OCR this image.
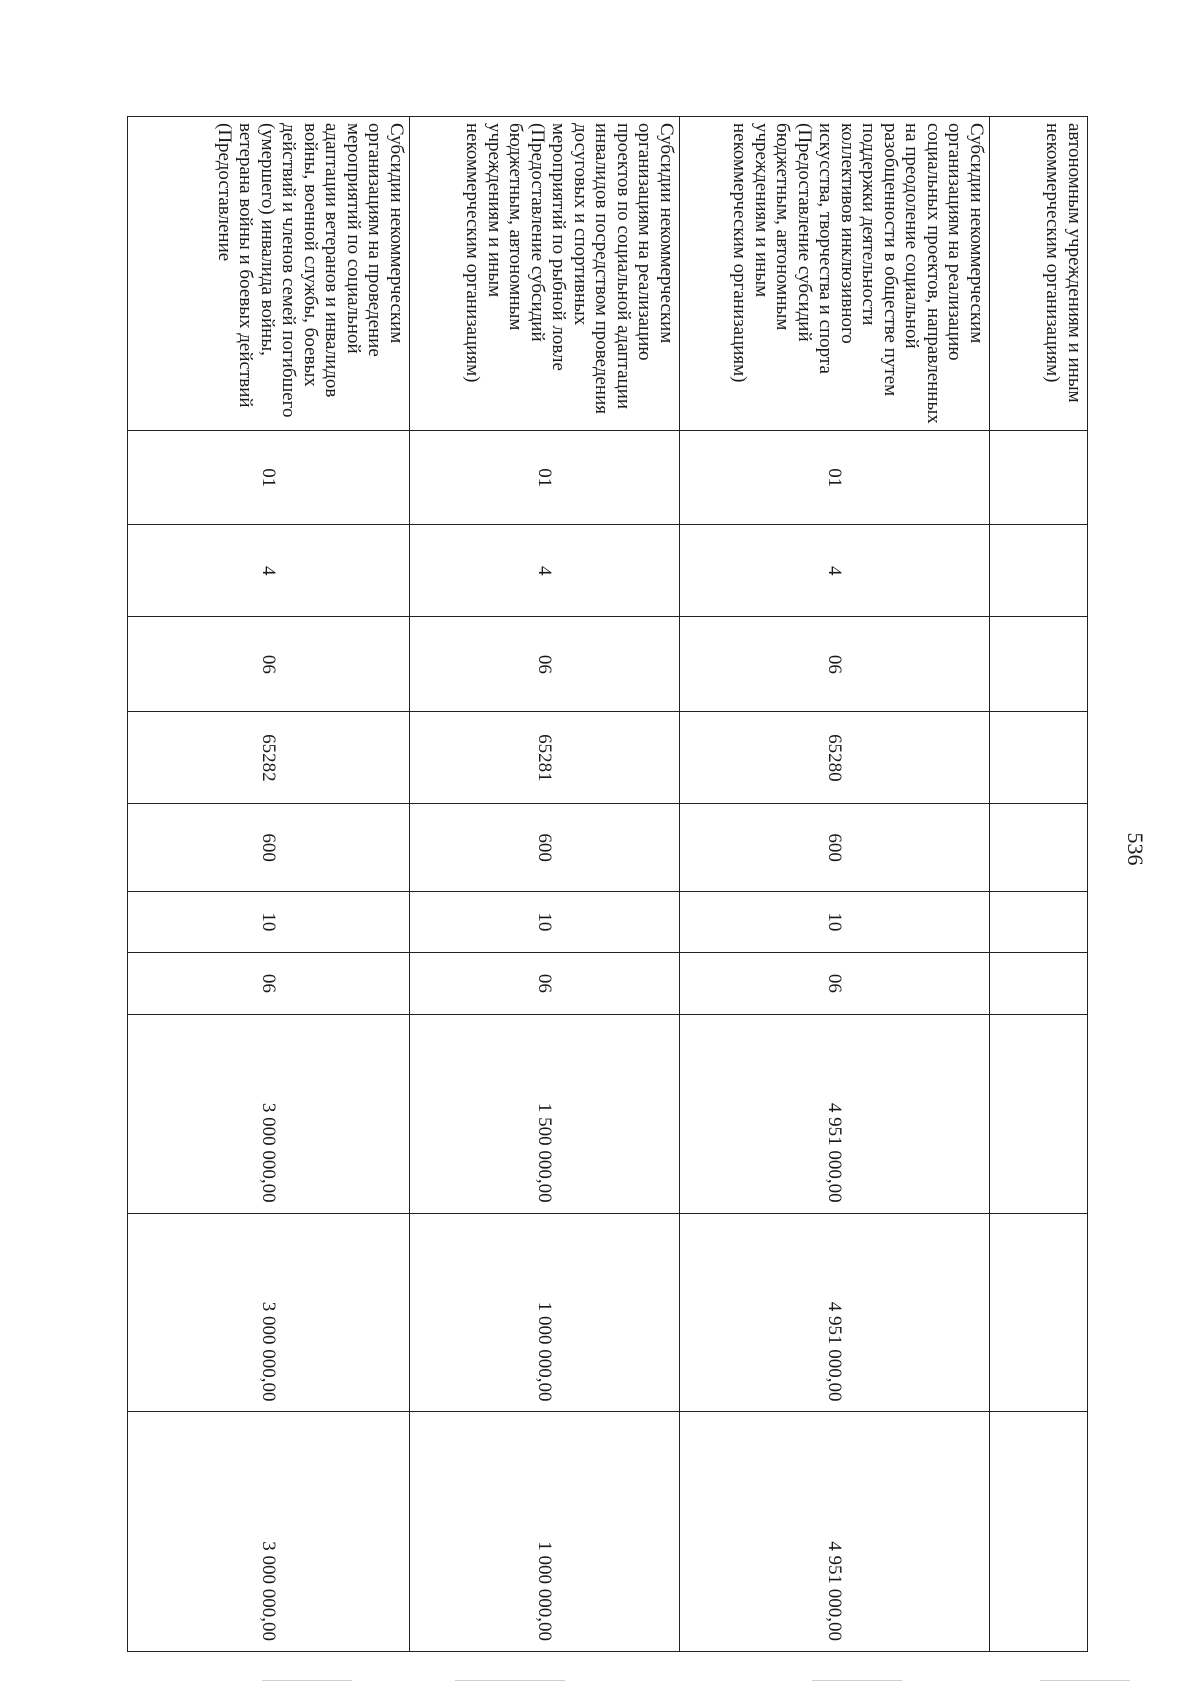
536
автономным учреждениям и иным некоммерческим организациям)										
Субсидии некоммерческим организациям на реализацию социальных проектов, направленных на преодоление социальной разобщенности в обществе путем поддержки деятельности коллективов инклюзивного искусства, творчества и спорта (Предоставление субсидий бюджетным, автономным учреждениям и иным некоммерческим организациям)	01	4	06	65280	600	10	06	4 951 000,00	4 951 000,00	4 951 000,00
Субсидии некоммерческим организациям на реализацию проектов по социальной адаптации инвалидов посредством проведения досуговых и спортивных мероприятий по рыбной ловле (Предоставление субсидий бюджетным, автономным учреждениям и иным некоммерческим организациям)	01	4	06	65281	600	10	06	1 500 000,00	1 000 000,00	1 000 000,00
Субсидии некоммерческим организациям на проведение мероприятий по социальной адаптации ветеранов и инвалидов войны, военной службы, боевых действий и членов семей погибшего (умершего) инвалида войны, ветерана войны и боевых действий (Предоставление	01	4	06	65282	600	10	06	3 000 000,00	3 000 000,00	3 000 000,00
